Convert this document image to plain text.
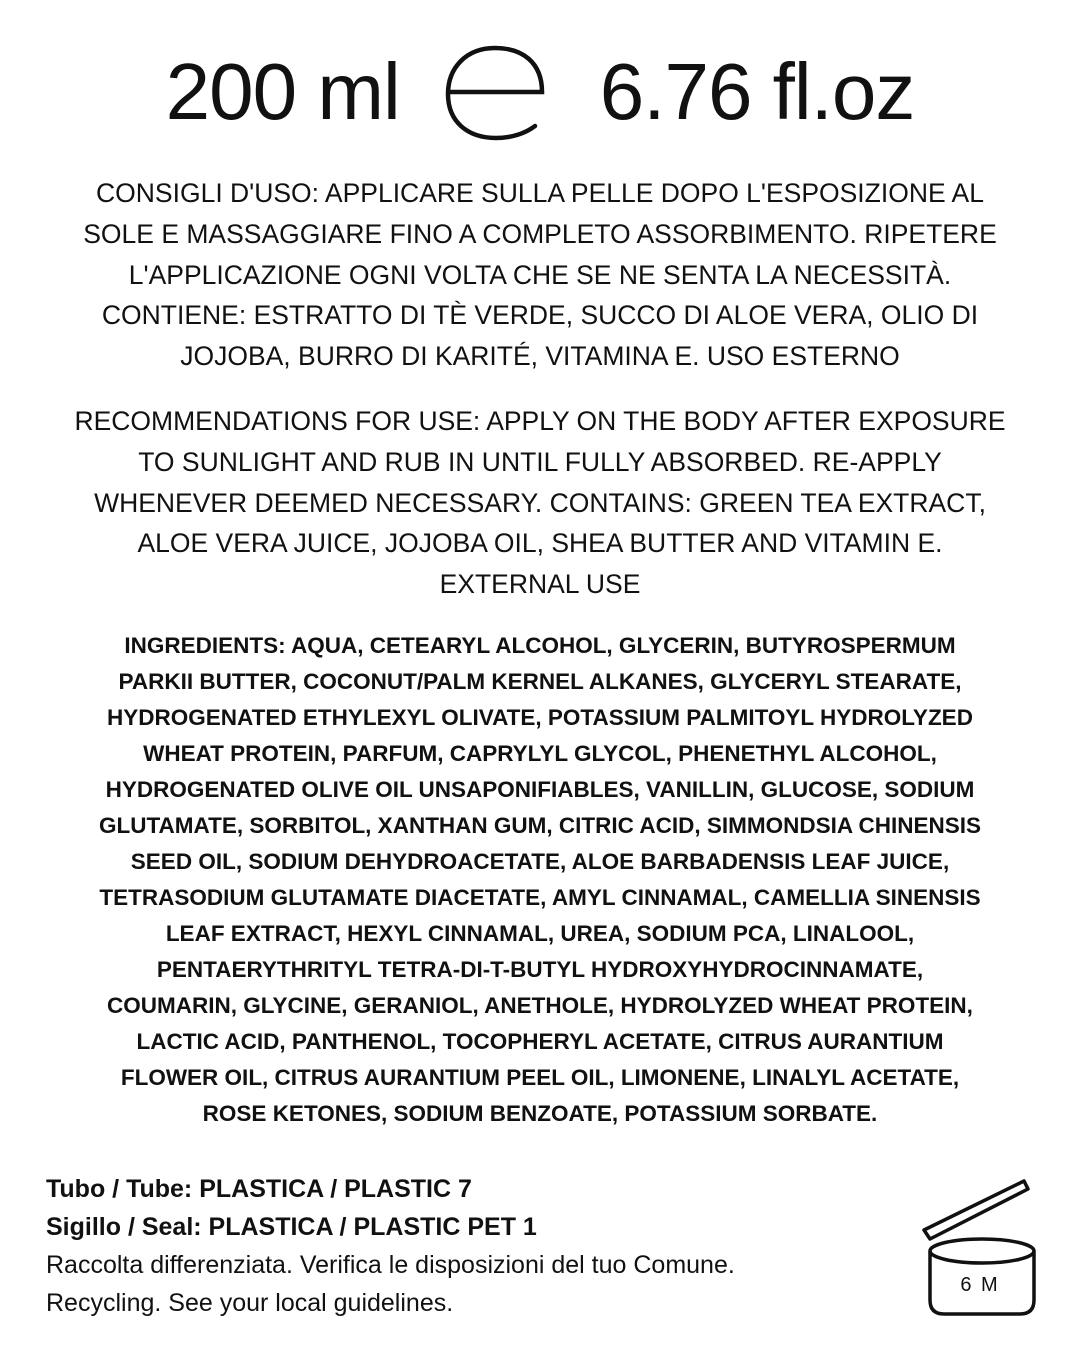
200 ml	6.76 fl.oz
CONSIGLI D'USO: APPLICARE SULLA PELLE DOPO L'ESPOSIZIONE AL
SOLE E MASSAGGIARE FINO A COMPLETO ASSORBIMENTO. RIPETERE
L'APPLICAZIONE OGNI VOLTA CHE SE NE SENTA LA NECESSITÀ.
CONTIENE: ESTRATTO DI TÈ VERDE, SUCCO DI ALOE VERA, OLIO DI
JOJOBA, BURRO DI KARITÉ, VITAMINA E. USO ESTERNO
RECOMMENDATIONS FOR USE: APPLY ON THE BODY AFTER EXPOSURE
TO SUNLIGHT AND RUB IN UNTIL FULLY ABSORBED. RE-APPLY
WHENEVER DEEMED NECESSARY. CONTAINS: GREEN TEA EXTRACT,
ALOE VERA JUICE, JOJOBA OIL, SHEA BUTTER AND VITAMIN E.
EXTERNAL USE
INGREDIENTS: AQUA, CETEARYL ALCOHOL, GLYCERIN, BUTYROSPERMUM
PARKII BUTTER, COCONUT/PALM KERNEL ALKANES, GLYCERYL STEARATE,
HYDROGENATED ETHYLEXYL OLIVATE, POTASSIUM PALMITOYL HYDROLYZED
WHEAT PROTEIN, PARFUM, CAPRYLYL GLYCOL, PHENETHYL ALCOHOL,
HYDROGENATED OLIVE OIL UNSAPONIFIABLES, VANILLIN, GLUCOSE, SODIUM
GLUTAMATE, SORBITOL, XANTHAN GUM, CITRIC ACID, SIMMONDSIA CHINENSIS
SEED OIL, SODIUM DEHYDROACETATE, ALOE BARBADENSIS LEAF JUICE,
TETRASODIUM GLUTAMATE DIACETATE, AMYL CINNAMAL, CAMELLIA SINENSIS
LEAF EXTRACT, HEXYL CINNAMAL, UREA, SODIUM PCA, LINALOOL,
PENTAERYTHRITYL TETRA-DI-T-BUTYL HYDROXYHYDROCINNAMATE,
COUMARIN, GLYCINE, GERANIOL, ANETHOLE, HYDROLYZED WHEAT PROTEIN,
LACTIC ACID, PANTHENOL, TOCOPHERYL ACETATE, CITRUS AURANTIUM
FLOWER OIL, CITRUS AURANTIUM PEEL OIL, LIMONENE, LINALYL ACETATE,
ROSE KETONES, SODIUM BENZOATE, POTASSIUM SORBATE.
Tubo / Tube: PLASTICA / PLASTIC 7
Sigillo / Seal: PLASTICA / PLASTIC PET 1
Raccolta differenziata. Verifica le disposizioni del tuo Comune.
Recycling. See your local guidelines.
6 M
